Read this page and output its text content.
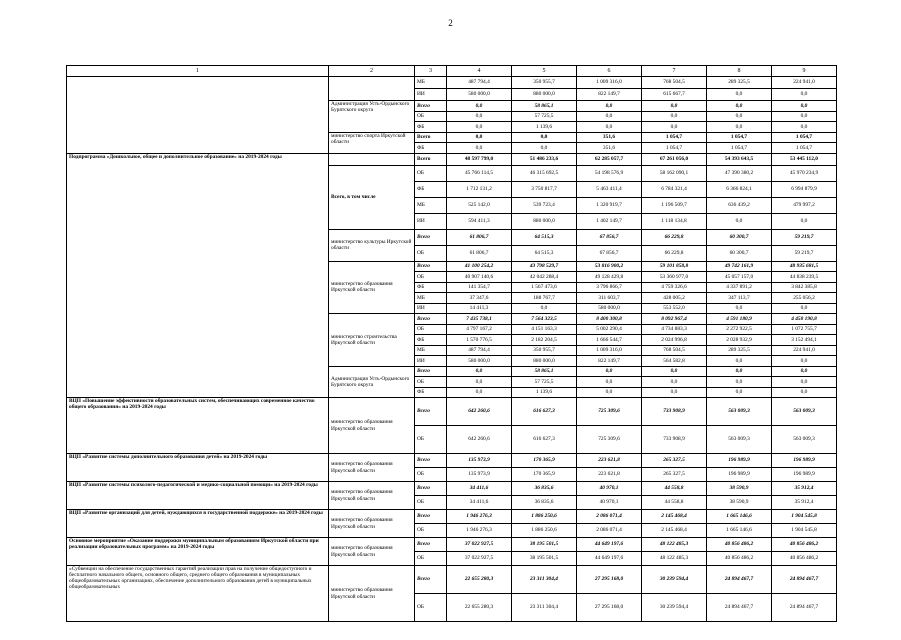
2
1	2	3	4	5	6	7	8	9
		МБ	487 794,4	350 955,7	1 009 316,0	768 504,5	289 325,5	224 941,0
		ИИ	580 000,0	880 000,0	822 149,7	615 667,7	0,0	0,0
	Администрация Усть-Ордынского Бурятского округа	Всего	0,0	58 865,1	0,0	0,0	0,0	0,0
		ОБ	0,0	57 725,5	0,0	0,0	0,0	0,0
		ФБ	0,0	1 139,6	0,0	0,0	0,0	0,0
	министерство спорта Иркутской области	Всего	0,0	0,0	351,6	1 054,7	1 054,7	1 054,7
		ФБ	0,0	0,0	351,6	1 054,7	1 054,7	1 054,7
Подпрограмма «Дошкольное, общее и дополнительное образование» на 2019-2024 годы		Всего	48 597 799,0	51 486 233,6	62 285 057,7	67 261 056,0	54 393 643,5	53 445 112,0
	Всего, в том числе	ОБ	45 766 114,5	46 315 692,5	54 198 576,9	58 162 090,1	47 390 380,2	45 970 234,9
		ФБ	1 712 131,2	3 750 817,7	5 463 411,4	6 784 321,4	6 366 824,1	6 994 879,9
		МБ	525 142,0	539 723,4	1 320 919,7	1 196 509,7	636 439,2	479 997,2
		ИИ	594 411,3	880 000,0	1 402 149,7	1 118 134,8	0,0	0,0
	министерство культуры Иркутской области	Всего	61 806,7	64 515,3	67 856,7	66 229,8	60 300,7	59 219,7
		ОБ	61 806,7	64 515,3	67 856,7	66 229,8	60 300,7	59 219,7
	министерство образования Иркутской области	Всего	41 100 254,2	43 798 529,7	53 816 900,2	59 101 858,8	49 742 161,9	48 935 681,5
		ОБ	40 907 140,6	42 042 288,4	49 128 429,8	53 360 977,0	45 057 157,0	44 838 239,5
		ФБ	141 354,7	1 567 473,6	3 796 866,7	4 759 326,6	4 337 891,2	3 842 385,8
		МБ	37 347,6	188 767,7	311 603,7	428 005,2	347 113,7	255 056,2
		ИИ	14 411,3	0,0	580 000,0	553 552,0	0,0	0,0
	министерство строительства Иркутской области	Всего	7 435 738,1	7 564 323,5	8 400 300,8	8 092 967,4	4 591 180,9	4 450 190,8
		ОБ	4 797 167,2	4 151 163,3	5 002 290,4	4 734 883,3	2 272 922,5	1 072 755,7
		ФБ	1 570 776,5	2 182 204,5	1 666 544,7	2 024 996,8	2 028 932,9	3 152 494,1
		МБ	487 794,4	350 955,7	1 009 316,0	768 504,5	289 325,5	224 941,0
		ИИ	580 000,0	880 000,0	822 149,7	564 582,8	0,0	0,0
	Администрация Усть-Ордынского Бурятского округа	Всего	0,0	58 865,1	0,0	0,0	0,0	0,0
		ОБ	0,0	57 725,5	0,0	0,0	0,0	0,0
		ФБ	0,0	1 139,6	0,0	0,0	0,0	0,0
ВЦП «Повышение эффективности образовательных систем, обеспечивающих современное качество общего образования» на 2019-2024 годы	министерство образования Иркутской области	Всего	642 260,6	616 627,3	725 309,6	733 908,9	563 009,3	563 009,3
		ОБ	642 260,6	616 627,3	725 309,6	733 908,9	563 009,3	563 009,3
ВЦП «Развитие системы дополнительного образования детей» на 2019-2024 годы	министерство образования Иркутской области	Всего	135 973,9	170 365,9	223 621,8	265 327,5	196 989,9	196 989,9
		ОБ	135 973,9	170 365,9	223 621,8	265 327,5	196 989,9	196 989,9
ВЦП «Развитие системы психолого-педагогической и медико-социальной помощи» на 2019-2024 годы	министерство образования Иркутской области	Всего	34 411,6	36 835,6	40 970,1	44 558,8	38 590,9	35 912,4
		ОБ	34 411,6	36 835,6	40 970,1	44 558,8	38 590,9	35 912,4
ВЦП «Развитие организаций для детей, нуждающихся в государственной поддержке» на 2019-2024 годы	министерство образования Иркутской области	Всего	1 946 276,3	1 886 250,6	2 086 071,4	2 145 468,4	1 665 146,6	1 904 545,8
		ОБ	1 946 276,3	1 886 250,6	2 086 071,4	2 145 468,4	1 665 146,6	1 904 545,8
Основное мероприятие «Оказание поддержки муниципальным образованиям Иркутской области при реализации образовательных программ» на 2019-2024 годы	министерство образования Иркутской области	Всего	37 022 927,5	38 195 501,5	44 649 197,6	48 122 485,3	40 856 486,2	40 856 486,2
		ОБ	37 022 927,5	38 195 501,5	44 649 197,6	48 122 485,3	40 856 486,2	40 856 486,2
«Субвенции на обеспечение государственных гарантий реализации прав на получение общедоступного и бесплатного начального общего, основного общего, среднего общего образования в муниципальных общеобразовательных организациях, обеспечение дополнительного образования детей в муниципальных общеобразовательных	министерство образования Иркутской области	Всего	22 655 280,3	23 311 304,4	27 295 168,0	30 239 594,4	24 894 467,7	24 894 467,7
		ОБ	22 655 280,3	23 311 304,4	27 295 168,0	30 239 594,4	24 894 467,7	24 894 467,7
